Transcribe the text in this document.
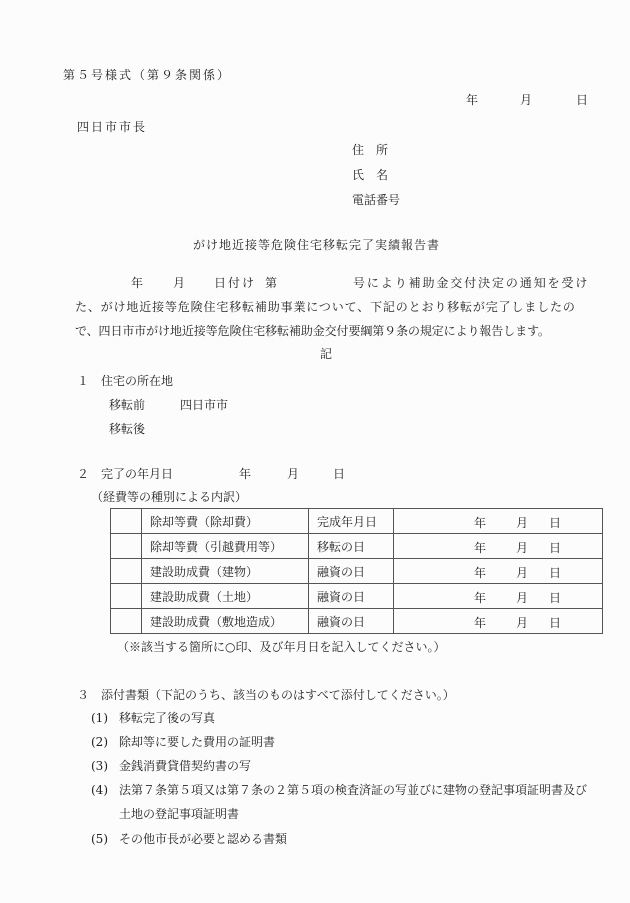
第５号様式（第９条関係）
年	月	日
四日市市長
住　所
氏　名
電話番号
がけ地近接等危険住宅移転完了実績報告書
年 月 日付け 第	号により補助金交付決定の通知を受け
た、がけ地近接等危険住宅移転補助事業について、下記のとおり移転が完了しましたの
で、四日市市がけ地近接等危険住宅移転補助金交付要綱第９条の規定により報告します。
記
１　住宅の所在地
移転前	四日市市
移転後
２　完了の年月日	年	月	日
（経費等の種別による内訳）
	除却等費（除却費）	完成年月日	年 月 日

	除却等費（引越費用等）	移転の日	年 月 日

	建設助成費（建物）	融資の日	年 月 日

	建設助成費（土地）	融資の日	年 月 日

	建設助成費（敷地造成）	融資の日	年 月 日
（※該当する箇所に○印、及び年月日を記入してください。）
３　添付書類（下記のうち、該当のものはすべて添付してください。）
(1) 移転完了後の写真
(2) 除却等に要した費用の証明書
(3) 金銭消費貸借契約書の写
(4) 法第７条第５項又は第７条の２第５項の検査済証の写並びに建物の登記事項証明書及び
土地の登記事項証明書
(5) その他市長が必要と認める書類
